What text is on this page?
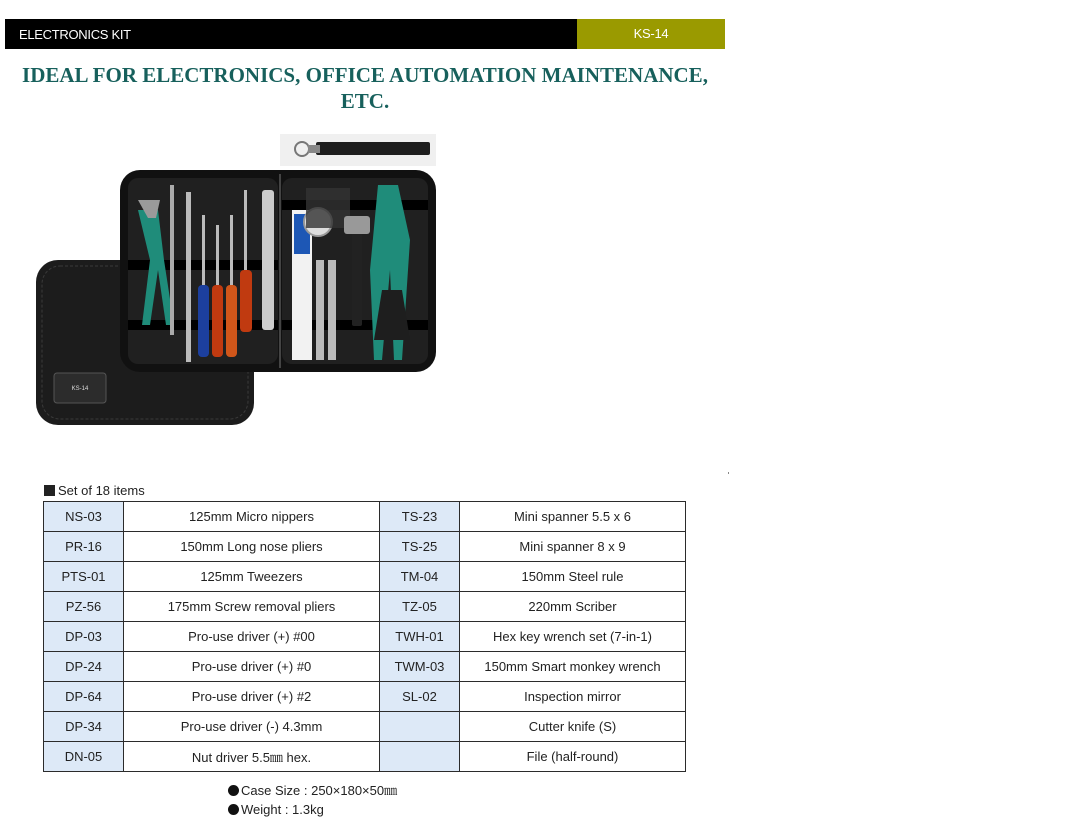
ELECTRONICS KIT	KS-14
IDEAL FOR ELECTRONICS, OFFICE AUTOMATION MAINTENANCE, ETC.
KS-14
Set of 18 items
NS-03	125mm Micro nippers	TS-23	Mini spanner 5.5 x 6
PR-16	150mm Long nose pliers	TS-25	Mini spanner 8 x 9
PTS-01	125mm Tweezers	TM-04	150mm Steel rule
PZ-56	175mm Screw removal pliers	TZ-05	220mm Scriber
DP-03	Pro-use driver (+) #00	TWH-01	Hex key wrench set (7-in-1)
DP-24	Pro-use driver (+) #0	TWM-03	150mm Smart monkey wrench
DP-64	Pro-use driver (+) #2	SL-02	Inspection mirror
DP-34	Pro-use driver (-) 4.3mm		Cutter knife (S)
DN-05	Nut driver 5.5㎜ hex.		File (half-round)
Case Size : 250×180×50㎜
Weight : 1.3kg
